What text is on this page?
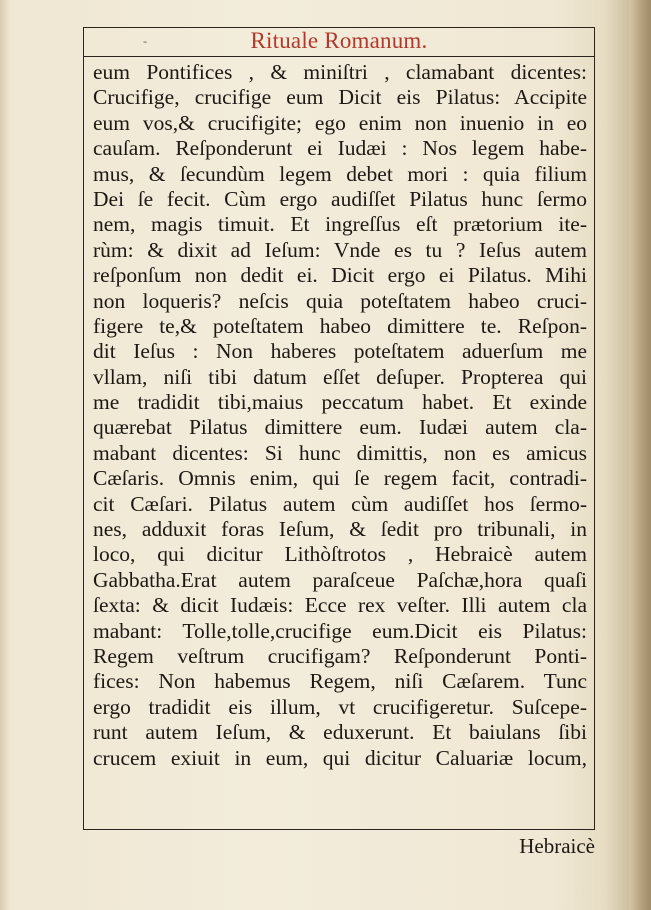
-	Rituale Romanum.
eum Pontifices , & miniſtri , clamabant dicentes:
Crucifige, crucifige eum Dicit eis Pilatus: Accipite
eum vos,& crucifigite; ego enim non inuenio in eo
cauſam. Reſponderunt ei Iudæi : Nos legem habe-
mus, & ſecundùm legem debet mori : quia filium
Dei ſe fecit. Cùm ergo audiſſet Pilatus hunc ſermo
nem, magis timuit. Et ingreſſus eſt prætorium ite-
rùm: & dixit ad Ieſum: Vnde es tu ? Ieſus autem
reſponſum non dedit ei. Dicit ergo ei Pilatus. Mihi
non loqueris? neſcis quia poteſtatem habeo cruci-
figere te,& poteſtatem habeo dimittere te. Reſpon-
dit Ieſus : Non haberes poteſtatem aduerſum me
vllam, niſi tibi datum eſſet deſuper. Propterea qui
me tradidit tibi,maius peccatum habet. Et exinde
quærebat Pilatus dimittere eum. Iudæi autem cla-
mabant dicentes: Si hunc dimittis, non es amicus
Cæſaris. Omnis enim, qui ſe regem facit, contradi-
cit Cæſari. Pilatus autem cùm audiſſet hos ſermo-
nes, adduxit foras Ieſum, & ſedit pro tribunali, in
loco, qui dicitur Lithòſtrotos , Hebraicè autem
Gabbatha.Erat autem paraſceue Paſchæ,hora quaſi
ſexta: & dicit Iudæis: Ecce rex veſter. Illi autem cla
mabant: Tolle,tolle,crucifige eum.Dicit eis Pilatus:
Regem veſtrum crucifigam? Reſponderunt Ponti-
fices: Non habemus Regem, niſi Cæſarem. Tunc
ergo tradidit eis illum, vt crucifigeretur. Suſcepe-
runt autem Ieſum, & eduxerunt. Et baiulans ſibi
crucem exiuit in eum, qui dicitur Caluariæ locum,
Hebraicè
